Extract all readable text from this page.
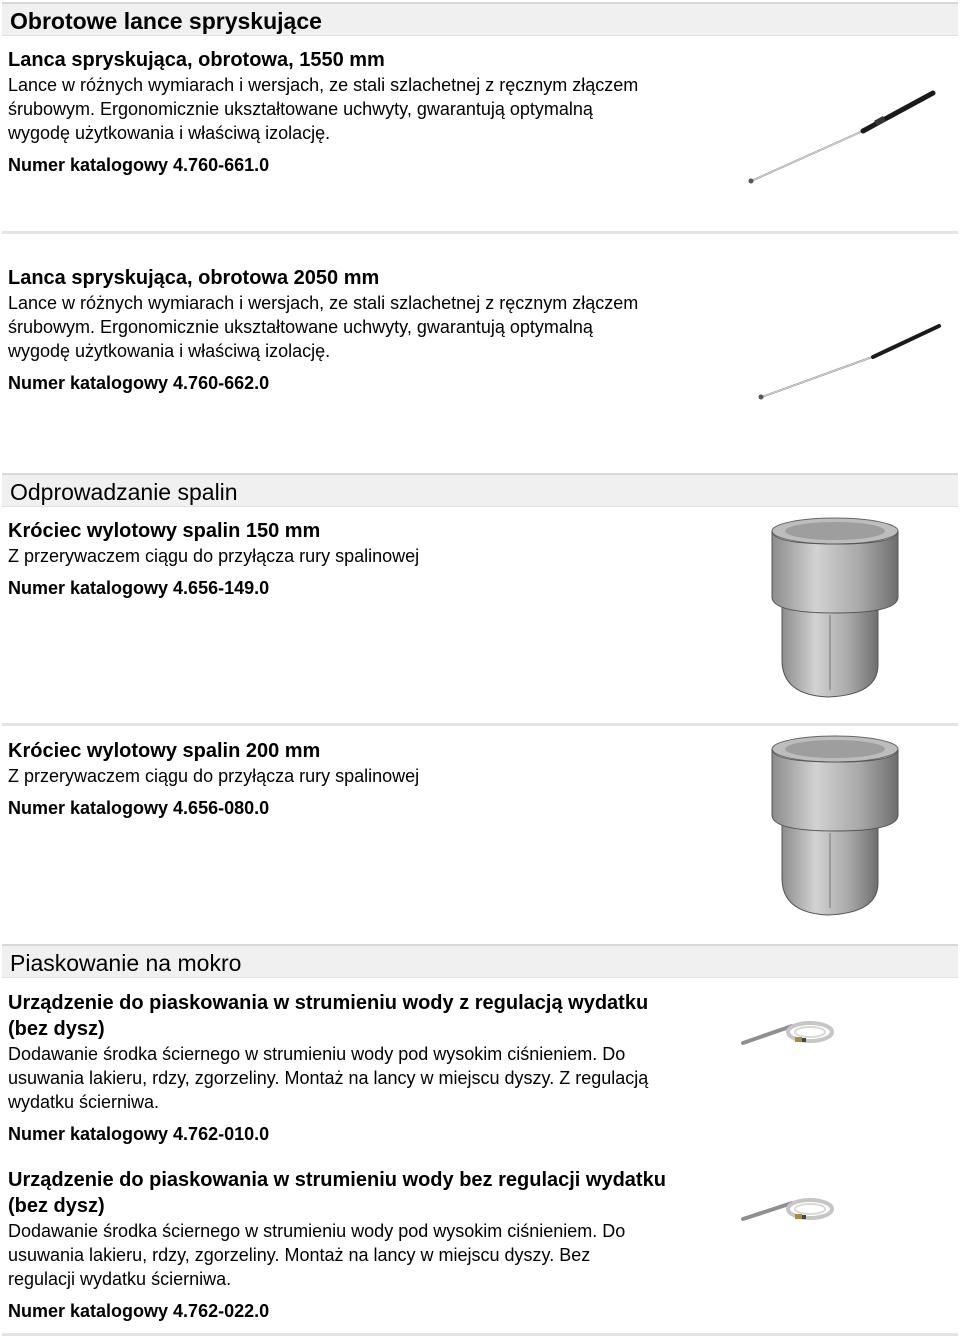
Obrotowe lance spryskujące

Lanca spryskująca, obrotowa, 1550 mm

Lance w różnych wymiarach i wersjach, ze stali szlachetnej z ręcznym złączem

śrubowym. Ergonomicznie ukształtowane uchwyty, gwarantują optymalną

wygodę użytkowania i właściwą izolację.

Numer katalogowy 4.760-661.0

Lanca spryskująca, obrotowa 2050 mm

Lance w różnych wymiarach i wersjach, ze stali szlachetnej z ręcznym złączem

śrubowym. Ergonomicznie ukształtowane uchwyty, gwarantują optymalną

wygodę użytkowania i właściwą izolację.

Numer katalogowy 4.760-662.0
Odprowadzanie spalin

Króciec wylotowy spalin 150 mm

Z przerywaczem ciągu do przyłącza rury spalinowej

Numer katalogowy 4.656-149.0

Króciec wylotowy spalin 200 mm

Z przerywaczem ciągu do przyłącza rury spalinowej

Numer katalogowy 4.656-080.0
Piaskowanie na mokro

Urządzenie do piaskowania w strumieniu wody z regulacją wydatku

(bez dysz)

Dodawanie środka ściernego w strumieniu wody pod wysokim ciśnieniem. Do

usuwania lakieru, rdzy, zgorzeliny. Montaż na lancy w miejscu dyszy. Z regulacją

wydatku ścierniwa.

Numer katalogowy 4.762-010.0

Urządzenie do piaskowania w strumieniu wody bez regulacji wydatku

(bez dysz)

Dodawanie środka ściernego w strumieniu wody pod wysokim ciśnieniem. Do

usuwania lakieru, rdzy, zgorzeliny. Montaż na lancy w miejscu dyszy. Bez

regulacji wydatku ścierniwa.

Numer katalogowy 4.762-022.0
